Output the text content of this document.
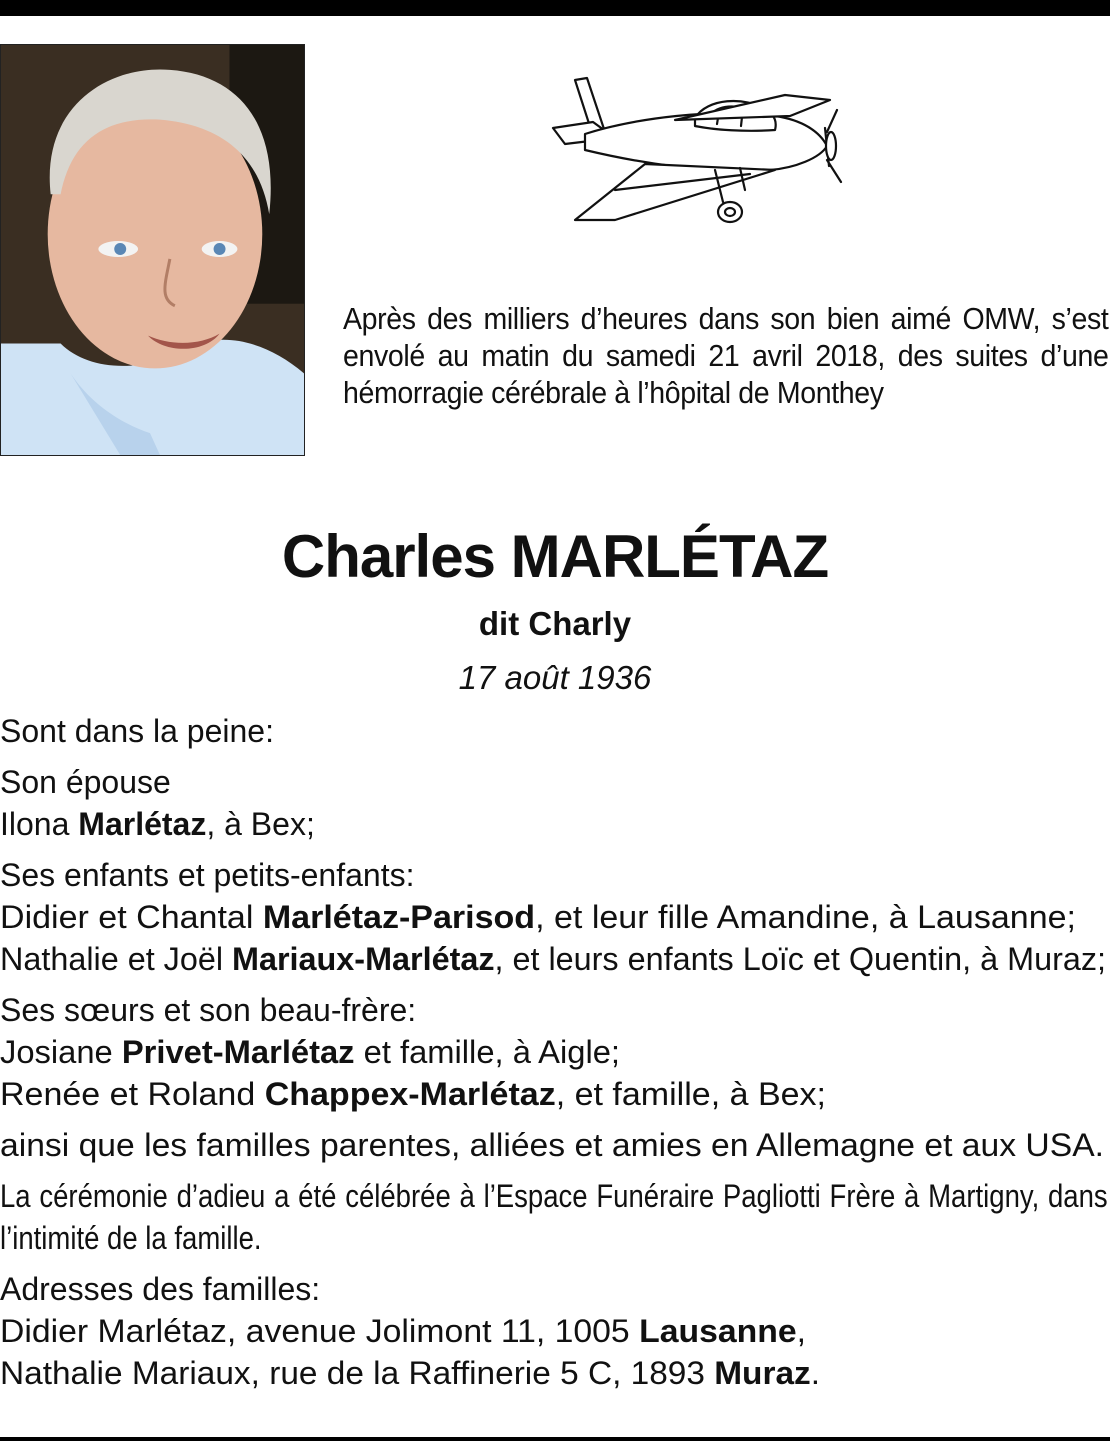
Après des milliers d’heures dans son bien aimé OMW, s’est envolé au matin du samedi 21 avril 2018, des suites d’une hémorragie cérébrale à l’hôpital de Monthey
Charles MARLÉTAZ
dit Charly
17 août 1936

Sont dans la peine:

Son épouse
Ilona Marlétaz, à Bex;

Ses enfants et petits-enfants:
Didier et Chantal Marlétaz-Parisod, et leur fille Amandine, à Lausanne;
Nathalie et Joël Mariaux-Marlétaz, et leurs enfants Loïc et Quentin, à Muraz;

Ses sœurs et son beau-frère:
Josiane Privet-Marlétaz et famille, à Aigle;
Renée et Roland Chappex-Marlétaz, et famille, à Bex;

ainsi que les familles parentes, alliées et amies en Allemagne et aux USA.

La cérémonie d’adieu a été célébrée à l’Espace Funéraire Pagliotti Frère à Martigny, dans l’intimité de la famille.

Adresses des familles:
Didier Marlétaz, avenue Jolimont 11, 1005 Lausanne,
Nathalie Mariaux, rue de la Raffinerie 5 C, 1893 Muraz.
